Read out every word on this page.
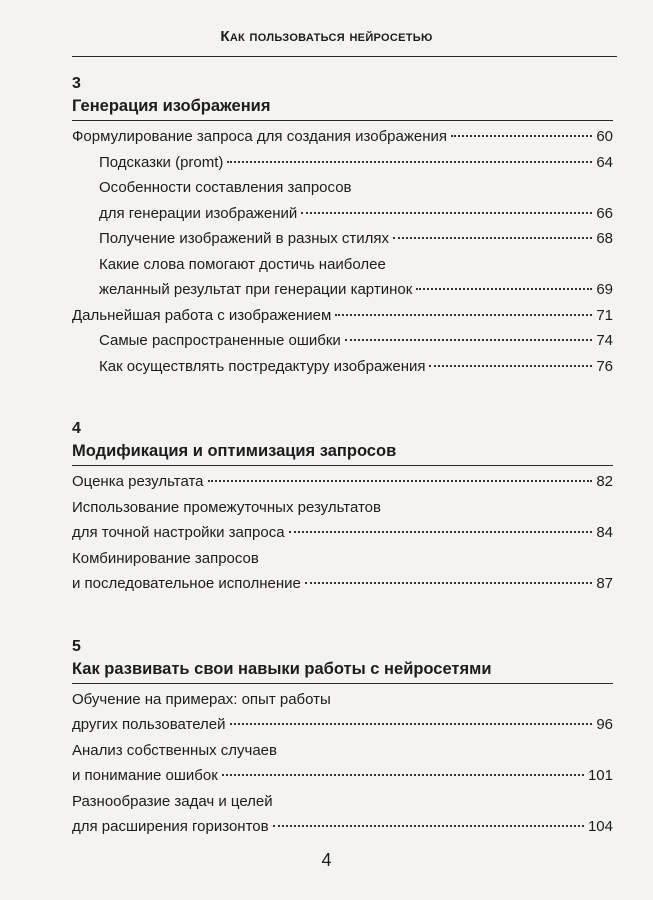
Как пользоваться нейросетью
3
Генерация изображения
Формулирование запроса для создания изображения	60
Подсказки (promt)	64
Особенности составления запросов
для генерации изображений	66
Получение изображений в разных стилях	68
Какие слова помогают достичь наиболее
желанный результат при генерации картинок	69
Дальнейшая работа с изображением	71
Самые распространенные ошибки	74
Как осуществлять постредактуру изображения	76
4
Модификация и оптимизация запросов
Оценка результата	82
Использование промежуточных результатов
для точной настройки запроса	84
Комбинирование запросов
и последовательное исполнение	87
5
Как развивать свои навыки работы с нейросетями
Обучение на примерах: опыт работы
других пользователей	96
Анализ собственных случаев
и понимание ошибок	101
Разнообразие задач и целей
для расширения горизонтов	104
4
